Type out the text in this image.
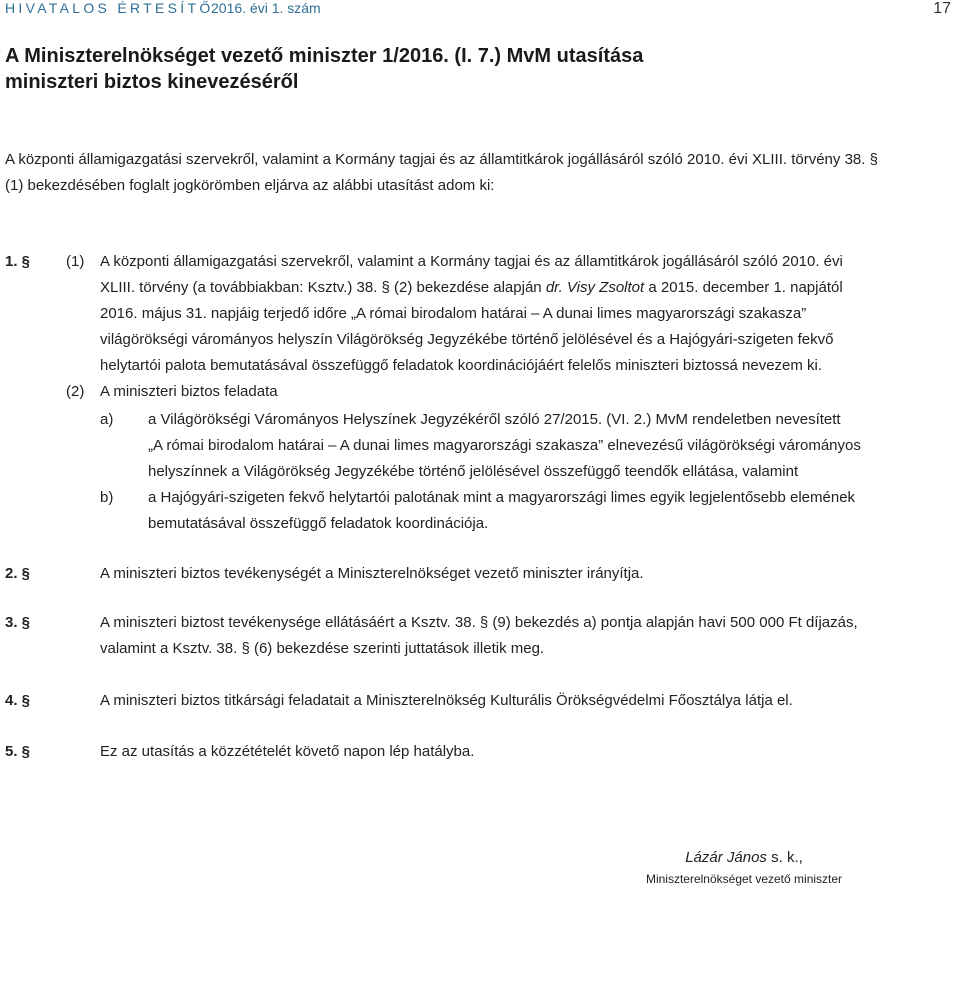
HIVATALOS ÉRTESÍTŐ
2016. évi 1. szám	17
A Miniszterelnökséget vezető miniszter 1/2016. (I. 7.) MvM utasítása
miniszteri biztos kinevezéséről
A központi államigazgatási szervekről, valamint a Kormány tagjai és az államtitkárok jogállásáról szóló 2010. évi XLIII. törvény 38. §
(1) bekezdésében foglalt jogkörömben eljárva az alábbi utasítást adom ki:
1. § (1) A központi államigazgatási szervekről, valamint a Kormány tagjai és az államtitkárok jogállásáról szóló 2010. évi
XLIII. törvény (a továbbiakban: Ksztv.) 38. § (2) bekezdése alapján dr. Visy Zsoltot a 2015. december 1. napjától
2016. május 31. napjáig terjedő időre „A római birodalom határai – A dunai limes magyarországi szakasza”
világörökségi várományos helyszín Világörökség Jegyzékébe történő jelölésével és a Hajógyári-szigeten fekvő
helytartói palota bemutatásával összefüggő feladatok koordinációjáért felelős miniszteri biztossá nevezem ki.
(2) A miniszteri biztos feladata
a) a Világörökségi Várományos Helyszínek Jegyzékéről szóló 27/2015. (VI. 2.) MvM rendeletben nevesített
„A római birodalom határai – A dunai limes magyarországi szakasza” elnevezésű világörökségi várományos
helyszínnek a Világörökség Jegyzékébe történő jelölésével összefüggő teendők ellátása, valamint
b) a Hajógyári-szigeten fekvő helytartói palotának mint a magyarországi limes egyik legjelentősebb elemének
bemutatásával összefüggő feladatok koordinációja.
2. §	A miniszteri biztos tevékenységét a Miniszterelnökséget vezető miniszter irányítja.
3. §	A miniszteri biztost tevékenysége ellátásáért a Ksztv. 38. § (9) bekezdés a) pontja alapján havi 500 000 Ft díjazás,
valamint a Ksztv. 38. § (6) bekezdése szerinti juttatások illetik meg.
4. §	A miniszteri biztos titkársági feladatait a Miniszterelnökség Kulturális Örökségvédelmi Főosztálya látja el.
5. §	Ez az utasítás a közzétételét követő napon lép hatályba.
Lázár János s. k.,
Miniszterelnökséget vezető miniszter
